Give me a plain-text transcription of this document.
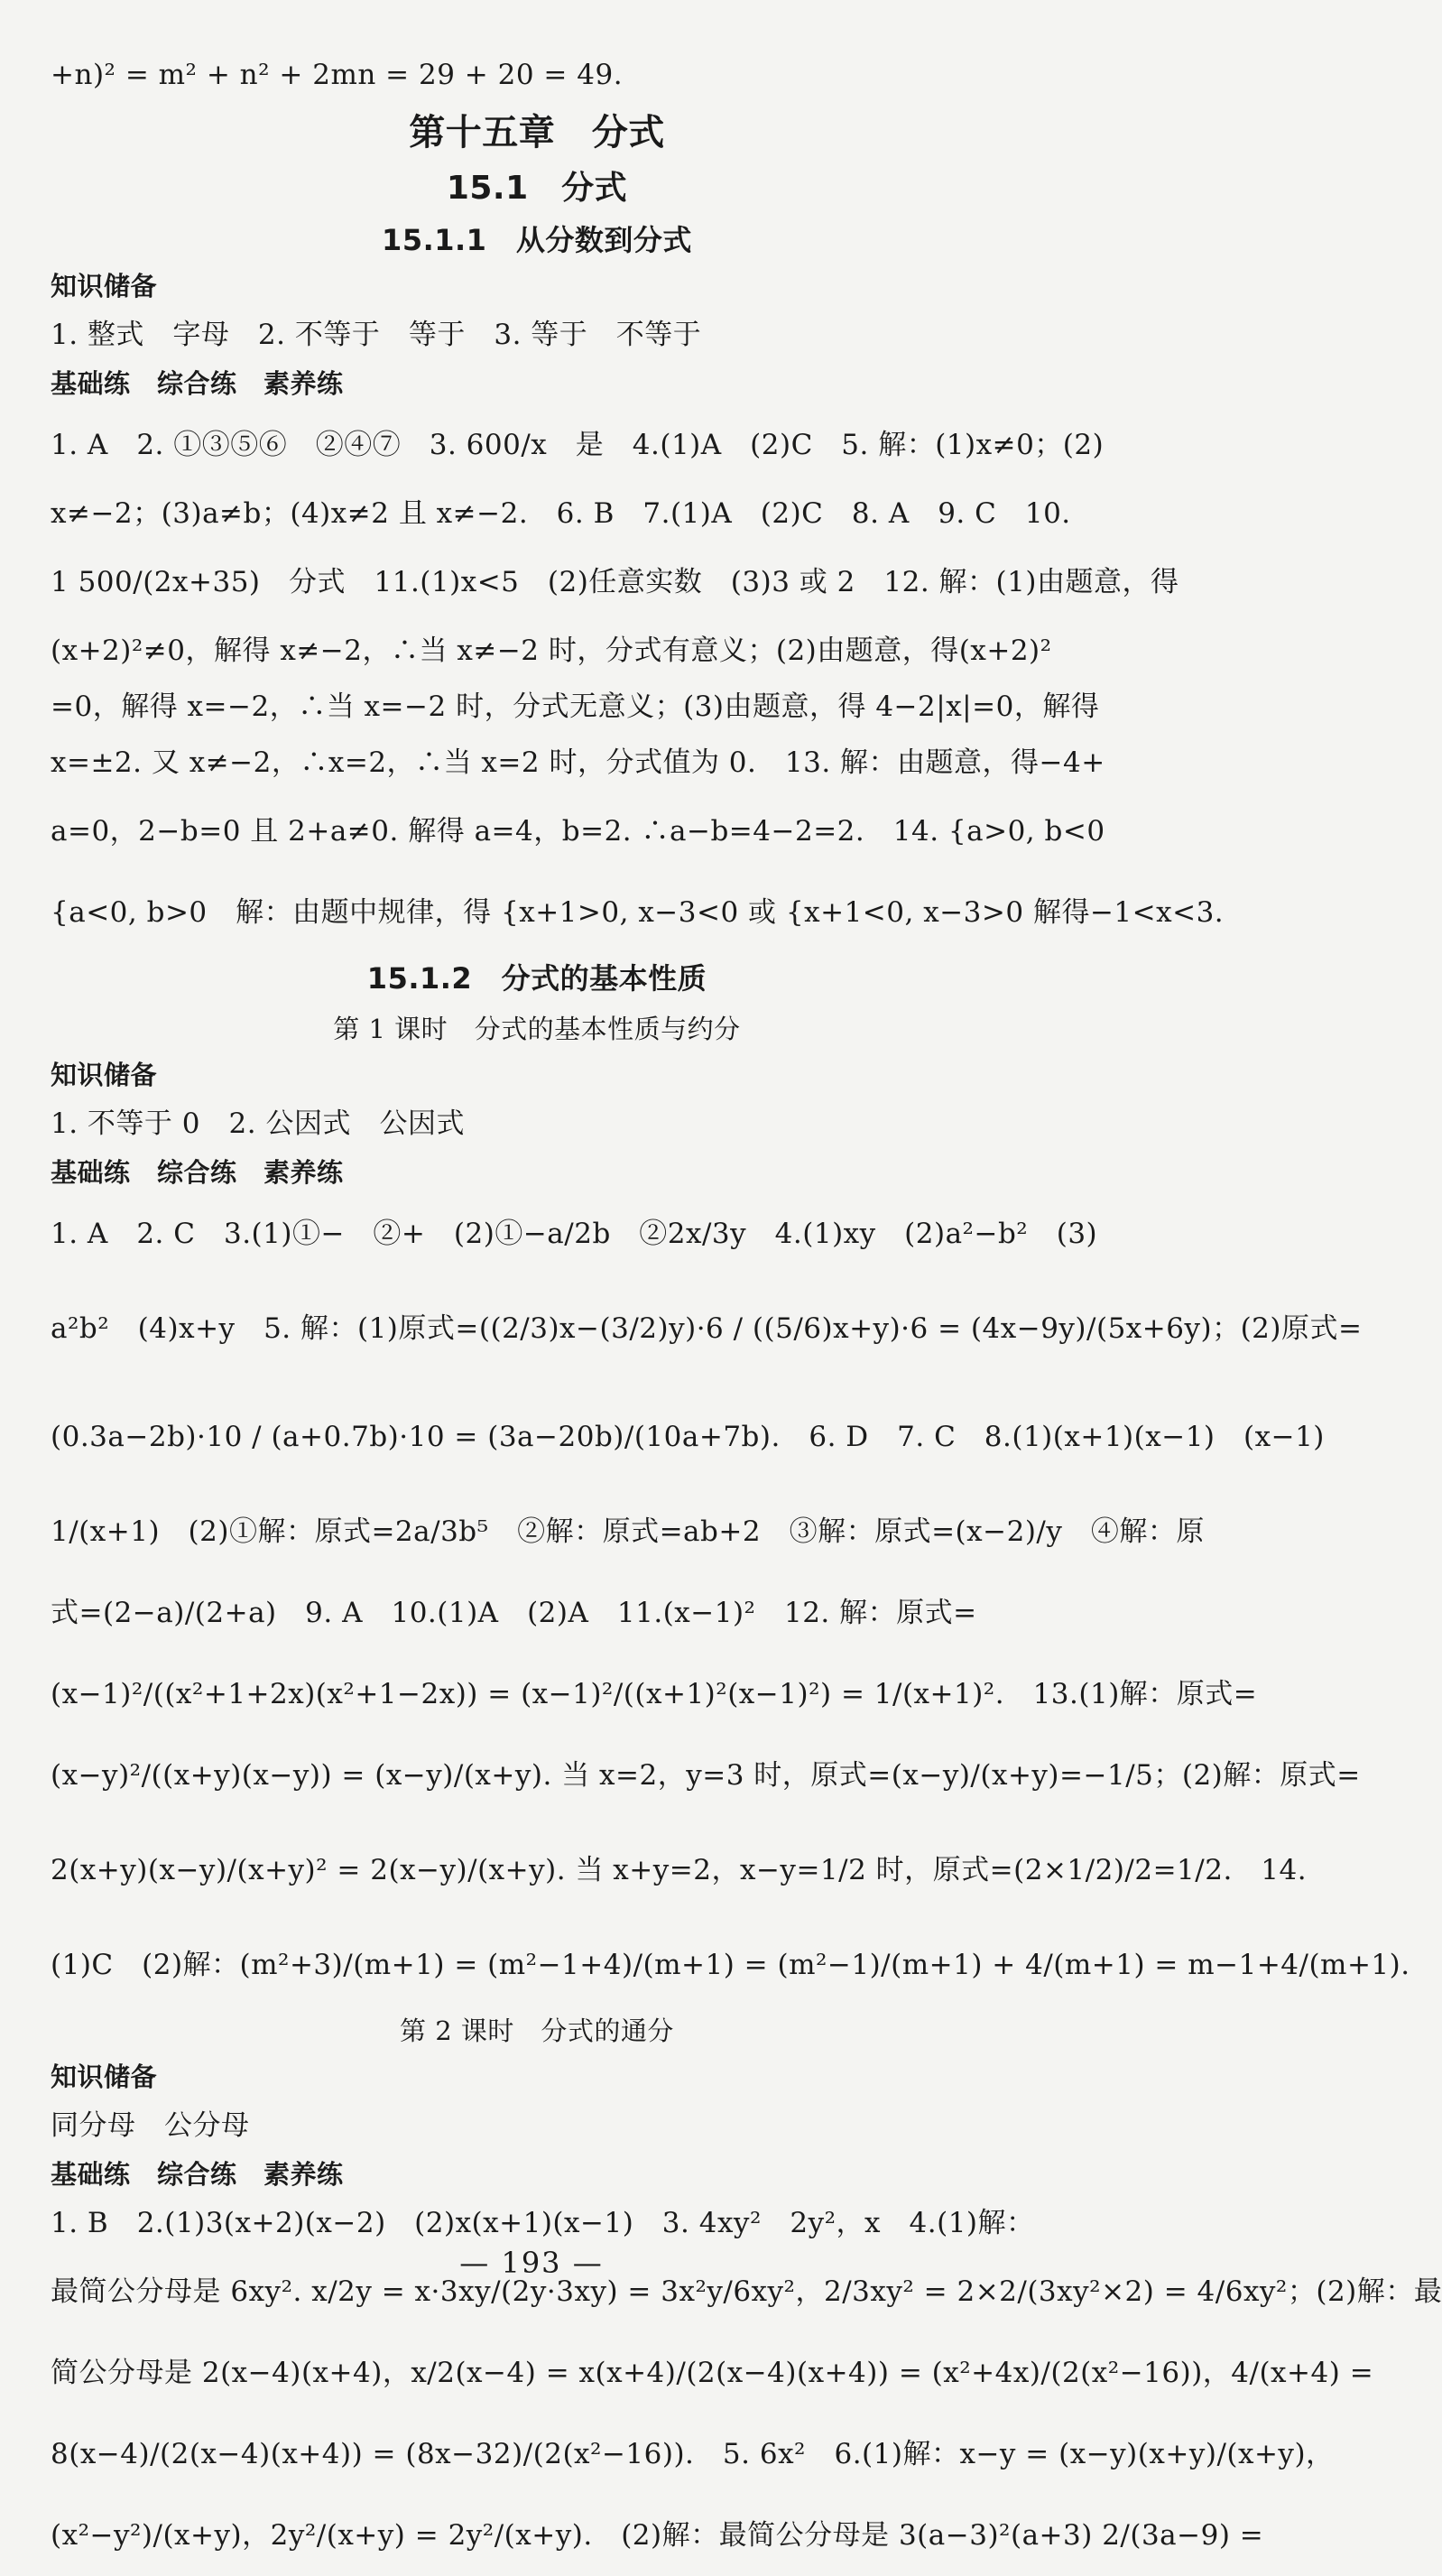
+n)² = m² + n² + 2mn = 29 + 20 = 49.
第十五章　分式
15.1　分式
15.1.1　从分数到分式
知识储备
1. 整式　字母　2. 不等于　等于　3. 等于　不等于
基础练　综合练　素养练
1. A　2. ①③⑤⑥　②④⑦　3. 600/x　是　4.(1)A　(2)C　5. 解：(1)x≠0；(2)
x≠−2；(3)a≠b；(4)x≠2 且 x≠−2.　6. B　7.(1)A　(2)C　8. A　9. C　10.
1 500/(2x+35)　分式　11.(1)x<5　(2)任意实数　(3)3 或 2　12. 解：(1)由题意，得
(x+2)²≠0，解得 x≠−2，∴当 x≠−2 时，分式有意义；(2)由题意，得(x+2)²
=0，解得 x=−2，∴当 x=−2 时，分式无意义；(3)由题意，得 4−2|x|=0，解得
x=±2. 又 x≠−2，∴x=2，∴当 x=2 时，分式值为 0.　13. 解：由题意，得−4+
a=0，2−b=0 且 2+a≠0. 解得 a=4，b=2. ∴a−b=4−2=2.　14. {a>0, b<0
{a<0, b>0　解：由题中规律，得 {x+1>0, x−3<0 或 {x+1<0, x−3>0 解得−1<x<3.
15.1.2　分式的基本性质
第 1 课时　分式的基本性质与约分
知识储备
1. 不等于 0　2. 公因式　公因式
基础练　综合练　素养练
1. A　2. C　3.(1)①−　②+　(2)①−a/2b　②2x/3y　4.(1)xy　(2)a²−b²　(3)
a²b²　(4)x+y　5. 解：(1)原式=((2/3)x−(3/2)y)·6 / ((5/6)x+y)·6 = (4x−9y)/(5x+6y)；(2)原式=
(0.3a−2b)·10 / (a+0.7b)·10 = (3a−20b)/(10a+7b).　6. D　7. C　8.(1)(x+1)(x−1)　(x−1)
1/(x+1)　(2)①解：原式=2a/3b⁵　②解：原式=ab+2　③解：原式=(x−2)/y　④解：原
式=(2−a)/(2+a)　9. A　10.(1)A　(2)A　11.(x−1)²　12. 解：原式=
(x−1)²/((x²+1+2x)(x²+1−2x)) = (x−1)²/((x+1)²(x−1)²) = 1/(x+1)².　13.(1)解：原式=
(x−y)²/((x+y)(x−y)) = (x−y)/(x+y). 当 x=2，y=3 时，原式=(x−y)/(x+y)=−1/5；(2)解：原式=
2(x+y)(x−y)/(x+y)² = 2(x−y)/(x+y). 当 x+y=2，x−y=1/2 时，原式=(2×1/2)/2=1/2.　14.
(1)C　(2)解：(m²+3)/(m+1) = (m²−1+4)/(m+1) = (m²−1)/(m+1) + 4/(m+1) = m−1+4/(m+1).
第 2 课时　分式的通分
知识储备
同分母　公分母
基础练　综合练　素养练
1. B　2.(1)3(x+2)(x−2)　(2)x(x+1)(x−1)　3. 4xy²　2y²，x　4.(1)解：
最简公分母是 6xy². x/2y = x·3xy/(2y·3xy) = 3x²y/6xy²，2/3xy² = 2×2/(3xy²×2) = 4/6xy²；(2)解：最
简公分母是 2(x−4)(x+4)，x/2(x−4) = x(x+4)/(2(x−4)(x+4)) = (x²+4x)/(2(x²−16))，4/(x+4) =
8(x−4)/(2(x−4)(x+4)) = (8x−32)/(2(x²−16)).　5. 6x²　6.(1)解：x−y = (x−y)(x+y)/(x+y)，
(x²−y²)/(x+y)，2y²/(x+y) = 2y²/(x+y).　(2)解：最简公分母是 3(a−3)²(a+3) 2/(3a−9) =
— 193 —
